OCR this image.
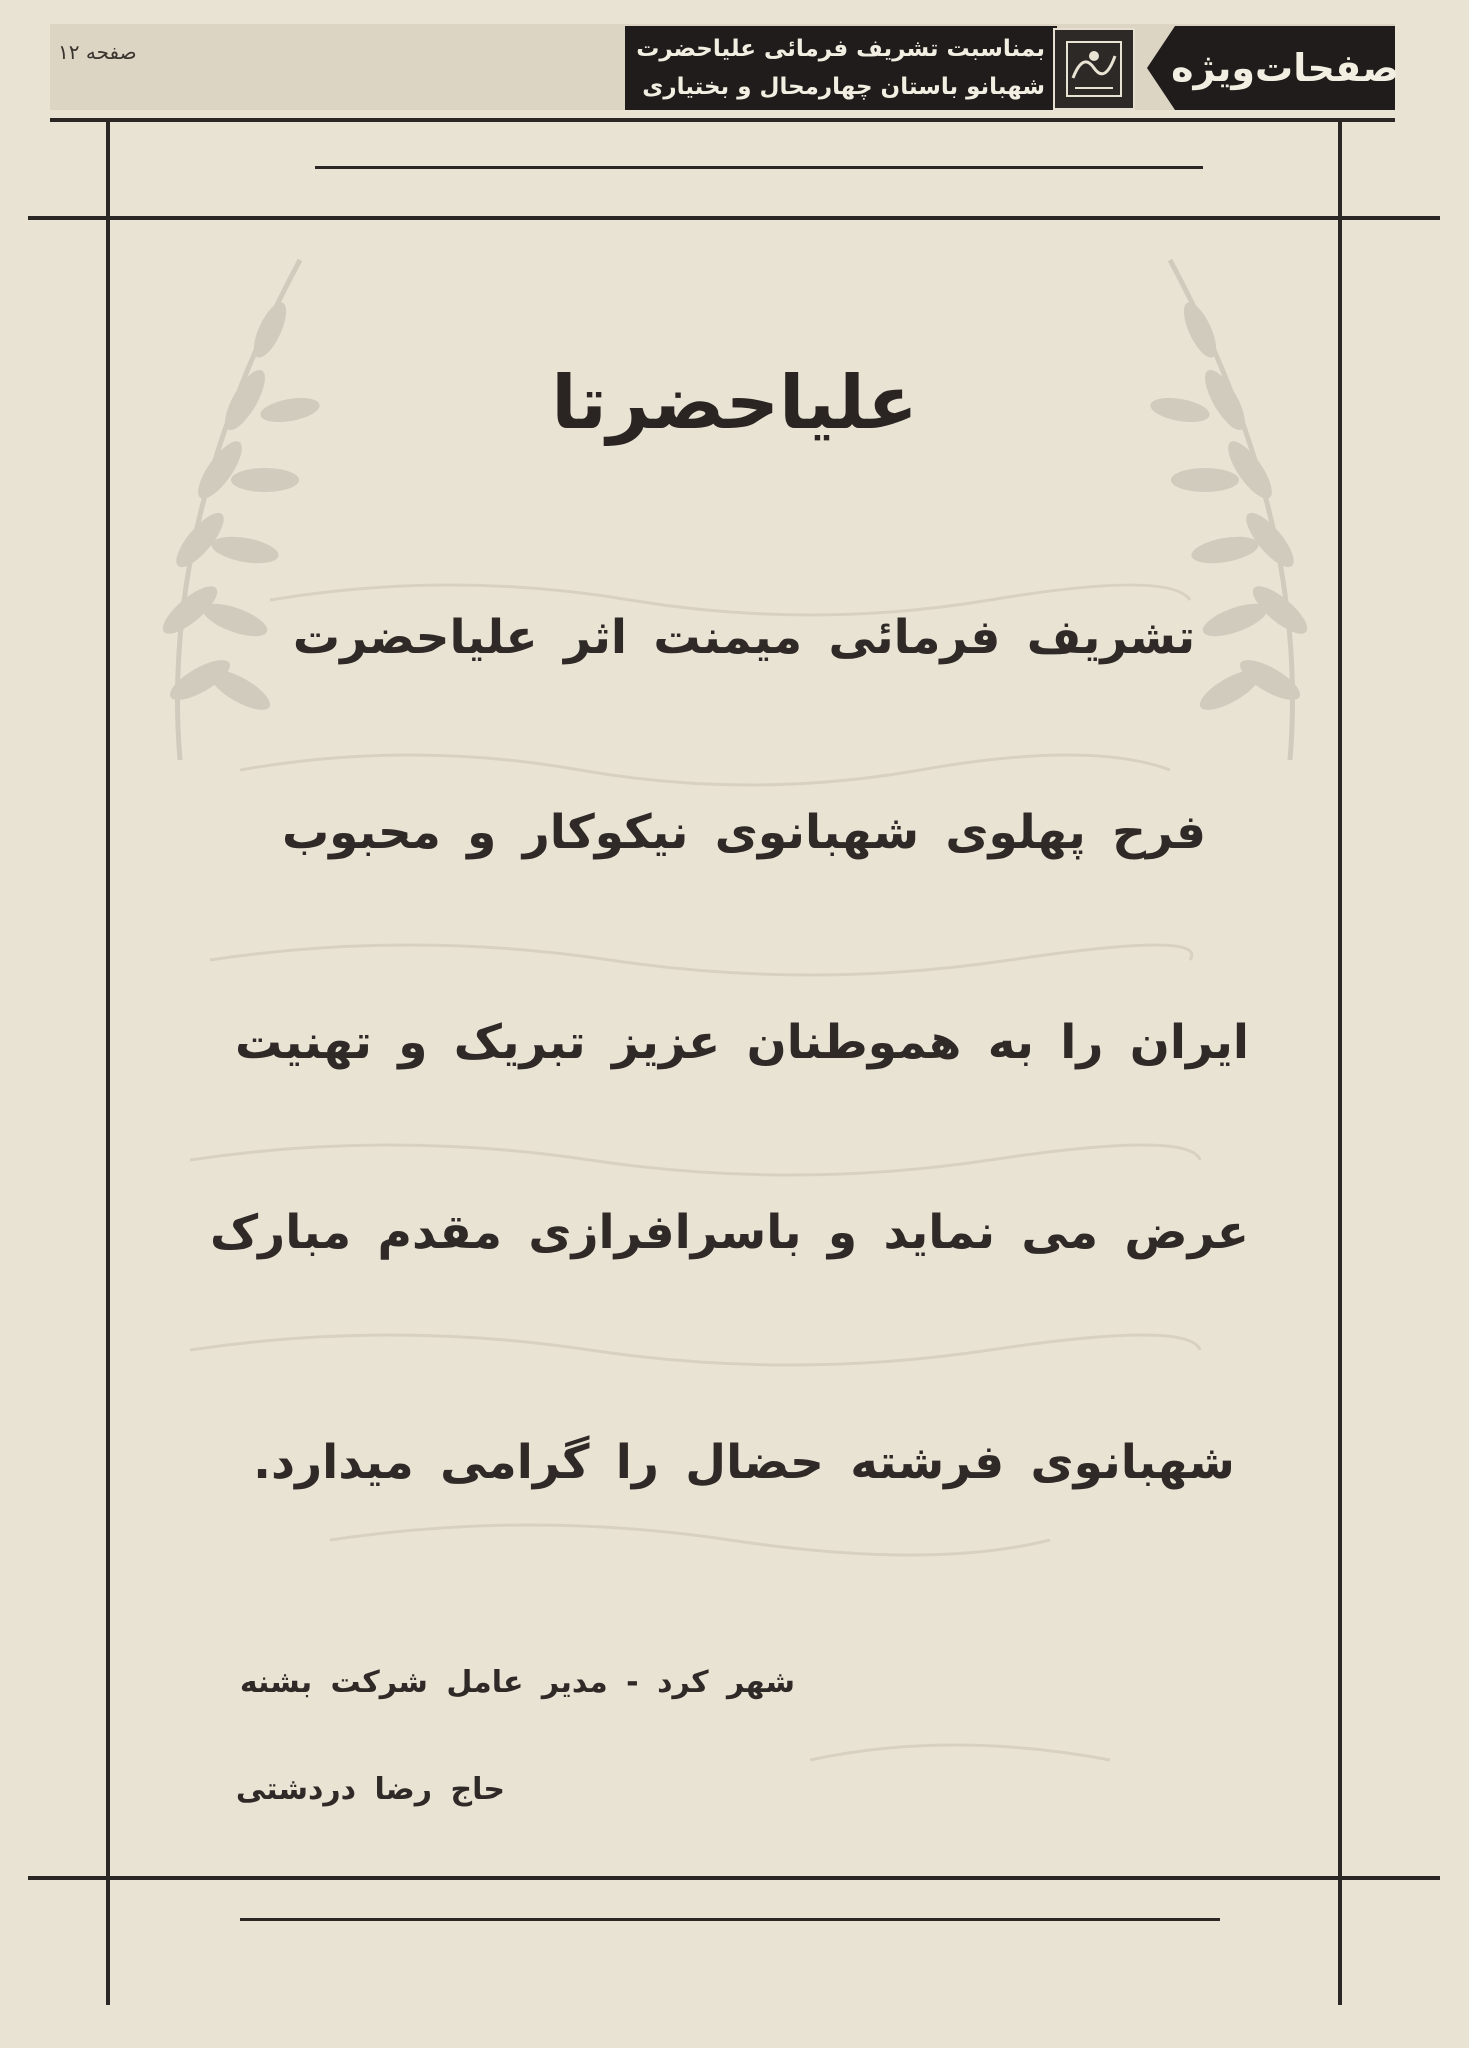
صفحه ۱۲	بمناسبت تشریف فرمائی علیاحضرت
شهبانو باستان چهارمحال و بختیاری	صفحات‌ویژه
علیاحضرتا
تشریف فرمائی میمنت اثر علیاحضرت
فرح پهلوی شهبانوی نیکوکار و محبوب
ایران را به هموطنان عزیز تبریک و تهنیت
عرض می نماید و باسرافرازی مقدم مبارک
شهبانوی فرشته حضال را گرامی میدارد.
شهر کرد - مدیر عامل شرکت بشنه
حاج رضا دردشتی
